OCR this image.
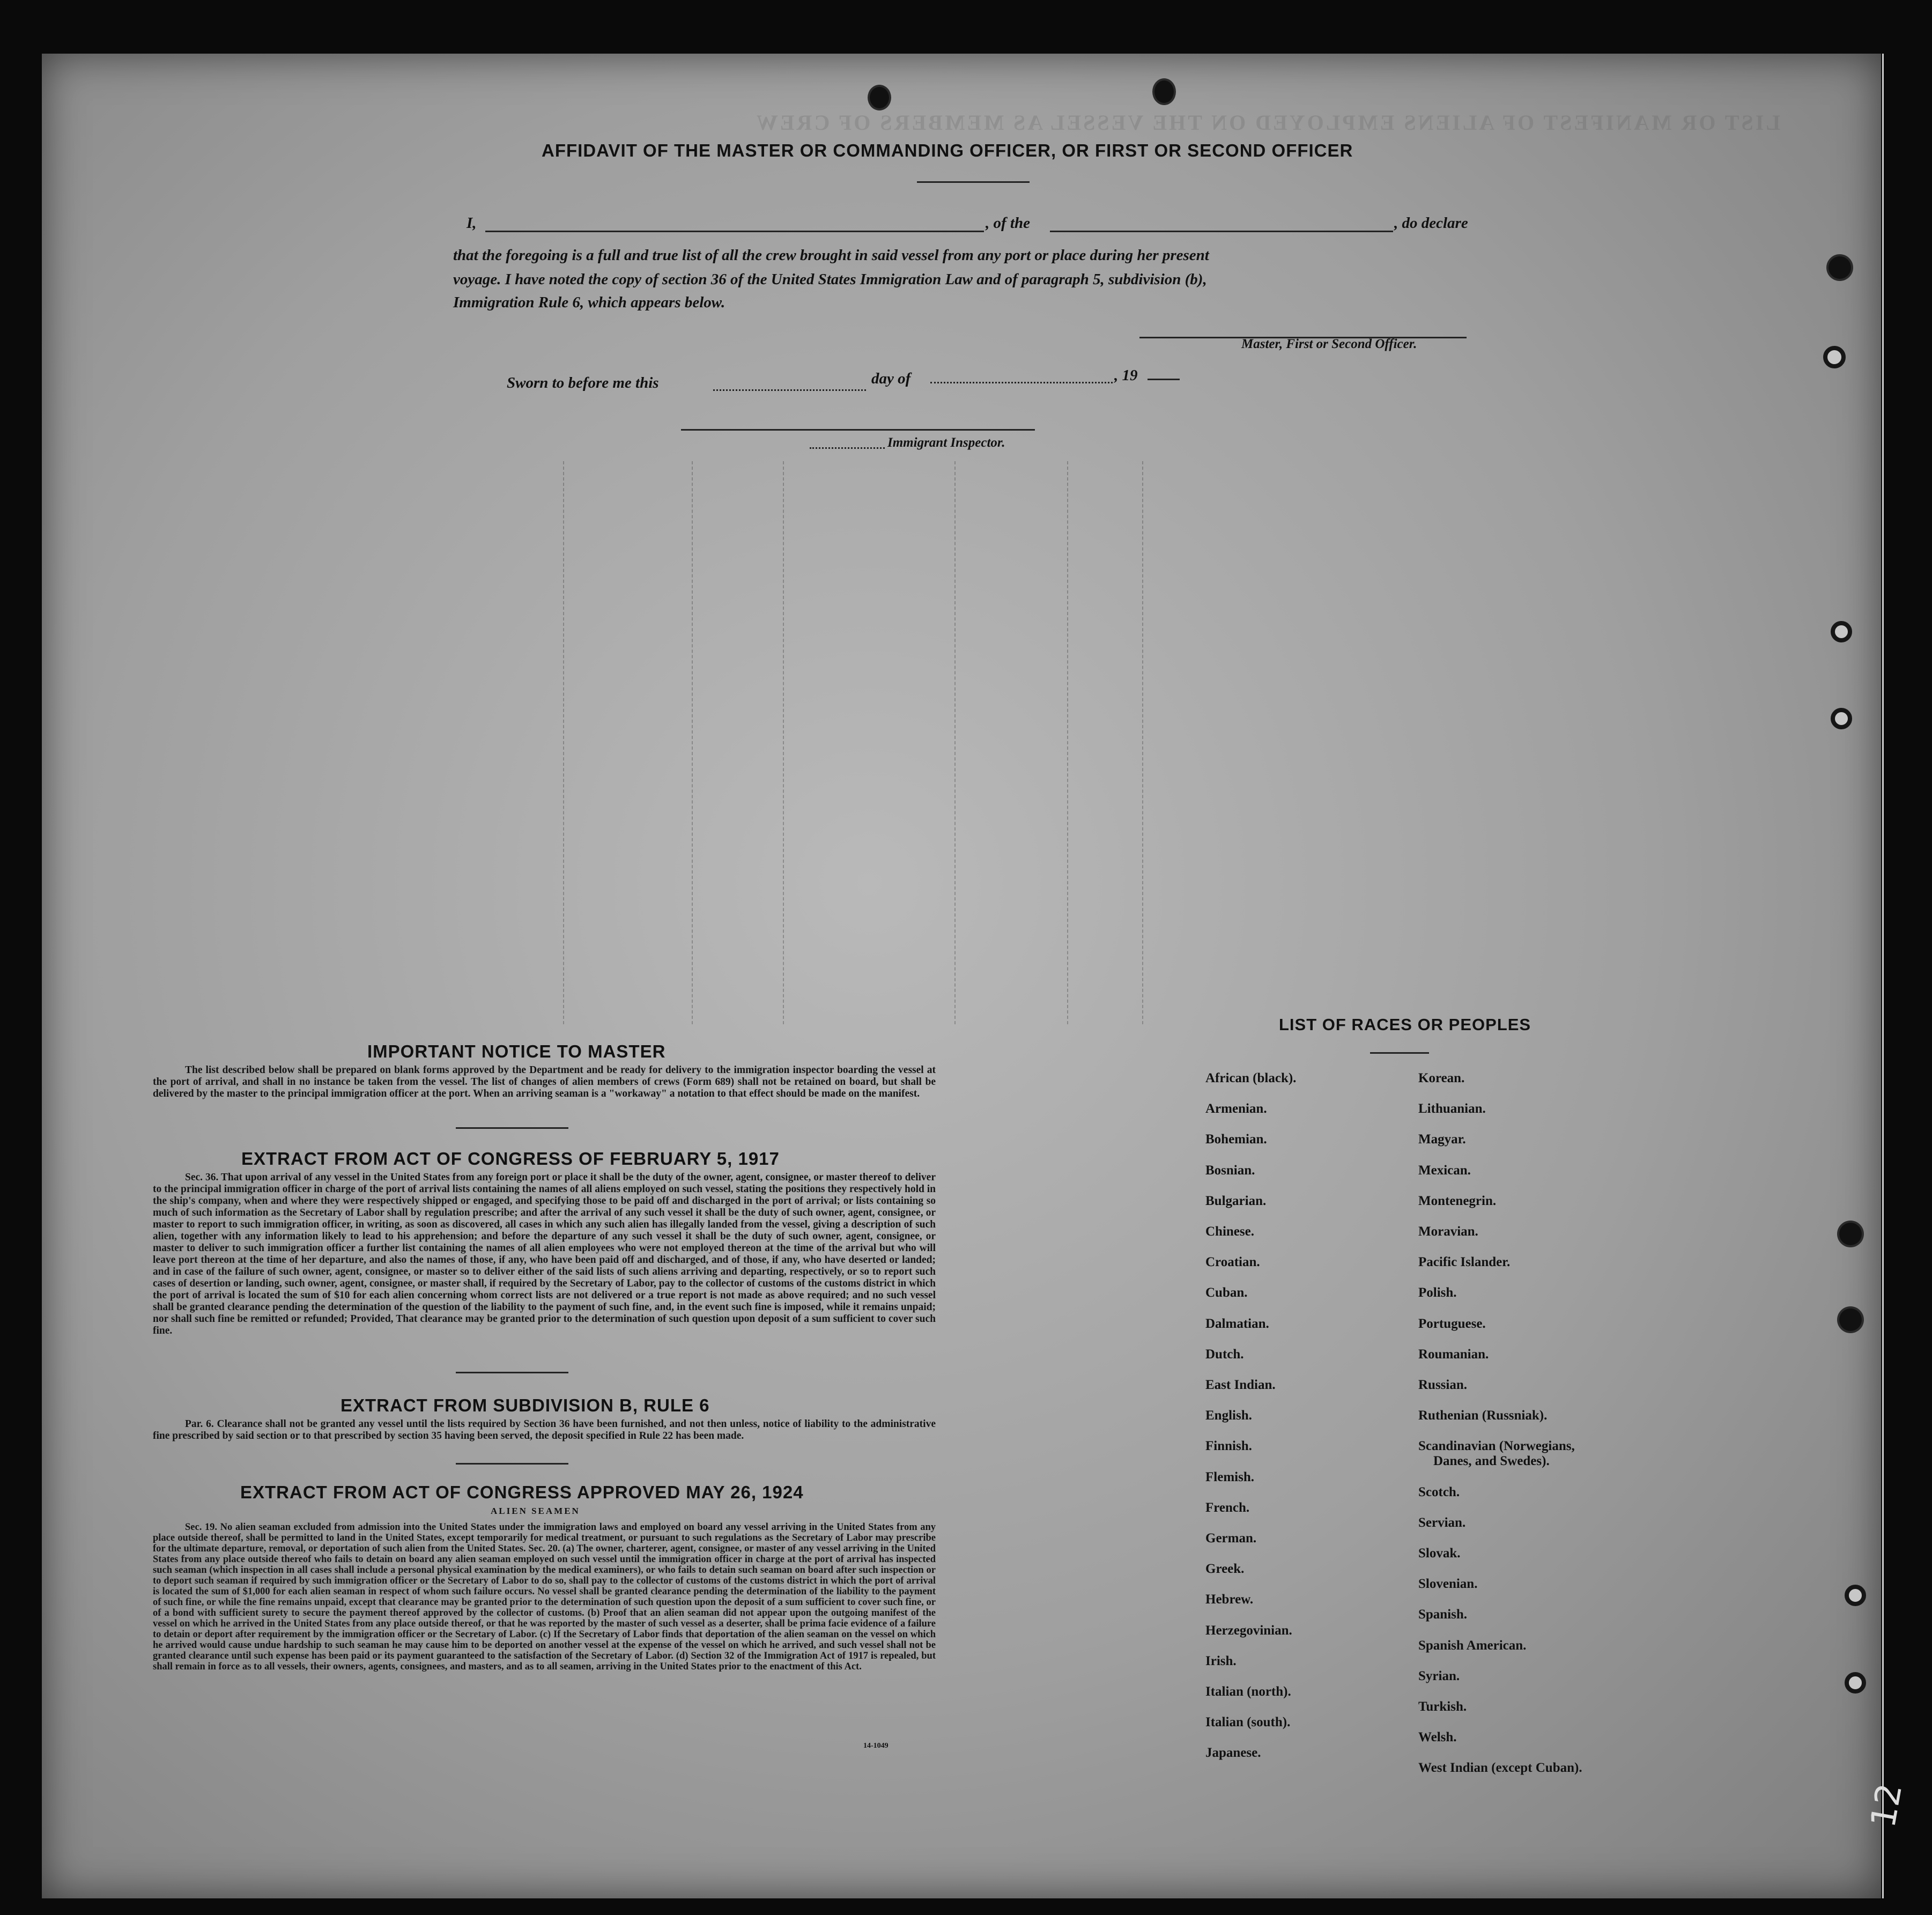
LIST OR MANIFEST OF ALIENS EMPLOYED ON THE VESSEL AS MEMBERS OF CREW
AFFIDAVIT OF THE MASTER OR COMMANDING OFFICER, OR FIRST OR SECOND OFFICER
I,	, of the	, do declare
that the foregoing is a full and true list of all the crew brought in said vessel from any port or place during her present
voyage. I have noted the copy of section 36 of the United States Immigration Law and of paragraph 5, subdivision (b),
Immigration Rule 6, which appears below.
Master, First or Second Officer.
Sworn to before me this	day of	, 19
Immigrant Inspector.
IMPORTANT NOTICE TO MASTER
The list described below shall be prepared on blank forms approved by the Department and be ready for delivery to the immigration inspector boarding the vessel at the port of arrival, and shall in no instance be taken from the vessel. The list of changes of alien members of crews (Form 689) shall not be retained on board, but shall be delivered by the master to the principal immigration officer at the port. When an arriving seaman is a "workaway" a notation to that effect should be made on the manifest.
EXTRACT FROM ACT OF CONGRESS OF FEBRUARY 5, 1917
Sec. 36. That upon arrival of any vessel in the United States from any foreign port or place it shall be the duty of the owner, agent, consignee, or master thereof to deliver to the principal immigration officer in charge of the port of arrival lists containing the names of all aliens employed on such vessel, stating the positions they respectively hold in the ship's company, when and where they were respectively shipped or engaged, and specifying those to be paid off and discharged in the port of arrival; or lists containing so much of such information as the Secretary of Labor shall by regulation prescribe; and after the arrival of any such vessel it shall be the duty of such owner, agent, consignee, or master to report to such immigration officer, in writing, as soon as discovered, all cases in which any such alien has illegally landed from the vessel, giving a description of such alien, together with any information likely to lead to his apprehension; and before the departure of any such vessel it shall be the duty of such owner, agent, consignee, or master to deliver to such immigration officer a further list containing the names of all alien employees who were not employed thereon at the time of the arrival but who will leave port thereon at the time of her departure, and also the names of those, if any, who have been paid off and discharged, and of those, if any, who have deserted or landed; and in case of the failure of such owner, agent, consignee, or master so to deliver either of the said lists of such aliens arriving and departing, respectively, or so to report such cases of desertion or landing, such owner, agent, consignee, or master shall, if required by the Secretary of Labor, pay to the collector of customs of the customs district in which the port of arrival is located the sum of $10 for each alien concerning whom correct lists are not delivered or a true report is not made as above required; and no such vessel shall be granted clearance pending the determination of the question of the liability to the payment of such fine, and, in the event such fine is imposed, while it remains unpaid; nor shall such fine be remitted or refunded; Provided, That clearance may be granted prior to the determination of such question upon deposit of a sum sufficient to cover such fine.
EXTRACT FROM SUBDIVISION B, RULE 6
Par. 6. Clearance shall not be granted any vessel until the lists required by Section 36 have been furnished, and not then unless, notice of liability to the administrative fine prescribed by said section or to that prescribed by section 35 having been served, the deposit specified in Rule 22 has been made.
EXTRACT FROM ACT OF CONGRESS APPROVED MAY 26, 1924
ALIEN SEAMEN
Sec. 19. No alien seaman excluded from admission into the United States under the immigration laws and employed on board any vessel arriving in the United States from any place outside thereof, shall be permitted to land in the United States, except temporarily for medical treatment, or pursuant to such regulations as the Secretary of Labor may prescribe for the ultimate departure, removal, or deportation of such alien from the United States. Sec. 20. (a) The owner, charterer, agent, consignee, or master of any vessel arriving in the United States from any place outside thereof who fails to detain on board any alien seaman employed on such vessel until the immigration officer in charge at the port of arrival has inspected such seaman (which inspection in all cases shall include a personal physical examination by the medical examiners), or who fails to detain such seaman on board after such inspection or to deport such seaman if required by such immigration officer or the Secretary of Labor to do so, shall pay to the collector of customs of the customs district in which the port of arrival is located the sum of $1,000 for each alien seaman in respect of whom such failure occurs. No vessel shall be granted clearance pending the determination of the liability to the payment of such fine, or while the fine remains unpaid, except that clearance may be granted prior to the determination of such question upon the deposit of a sum sufficient to cover such fine, or of a bond with sufficient surety to secure the payment thereof approved by the collector of customs. (b) Proof that an alien seaman did not appear upon the outgoing manifest of the vessel on which he arrived in the United States from any place outside thereof, or that he was reported by the master of such vessel as a deserter, shall be prima facie evidence of a failure to detain or deport after requirement by the immigration officer or the Secretary of Labor. (c) If the Secretary of Labor finds that deportation of the alien seaman on the vessel on which he arrived would cause undue hardship to such seaman he may cause him to be deported on another vessel at the expense of the vessel on which he arrived, and such vessel shall not be granted clearance until such expense has been paid or its payment guaranteed to the satisfaction of the Secretary of Labor. (d) Section 32 of the Immigration Act of 1917 is repealed, but shall remain in force as to all vessels, their owners, agents, consignees, and masters, and as to all seamen, arriving in the United States prior to the enactment of this Act.
14-1049
LIST OF RACES OR PEOPLES
African (black).
Armenian.
Bohemian.
Bosnian.
Bulgarian.
Chinese.
Croatian.
Cuban.
Dalmatian.
Dutch.
East Indian.
English.
Finnish.
Flemish.
French.
German.
Greek.
Hebrew.
Herzegovinian.
Irish.
Italian (north).
Italian (south).
Japanese.
Korean.
Lithuanian.
Magyar.
Mexican.
Montenegrin.
Moravian.
Pacific Islander.
Polish.
Portuguese.
Roumanian.
Russian.
Ruthenian (Russniak).
Scandinavian (Norwegians,
Danes, and Swedes).
Scotch.
Servian.
Slovak.
Slovenian.
Spanish.
Spanish American.
Syrian.
Turkish.
Welsh.
West Indian (except Cuban).
12
